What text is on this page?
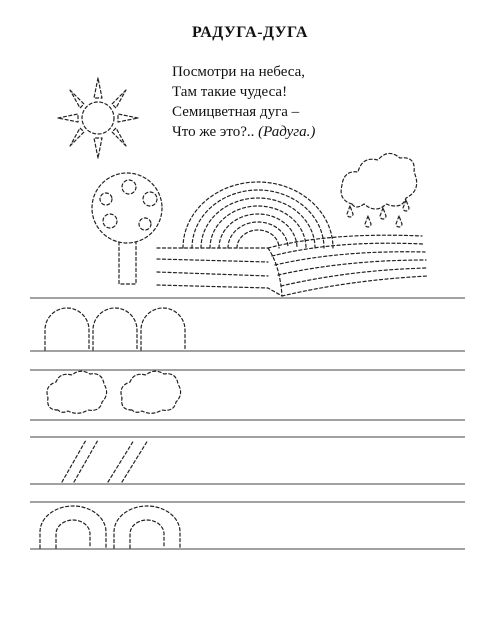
РАДУГА-ДУГА
Посмотри на небеса,
Там такие чудеса!
Семицветная дуга –
Что же это?.. (Радуга.)
